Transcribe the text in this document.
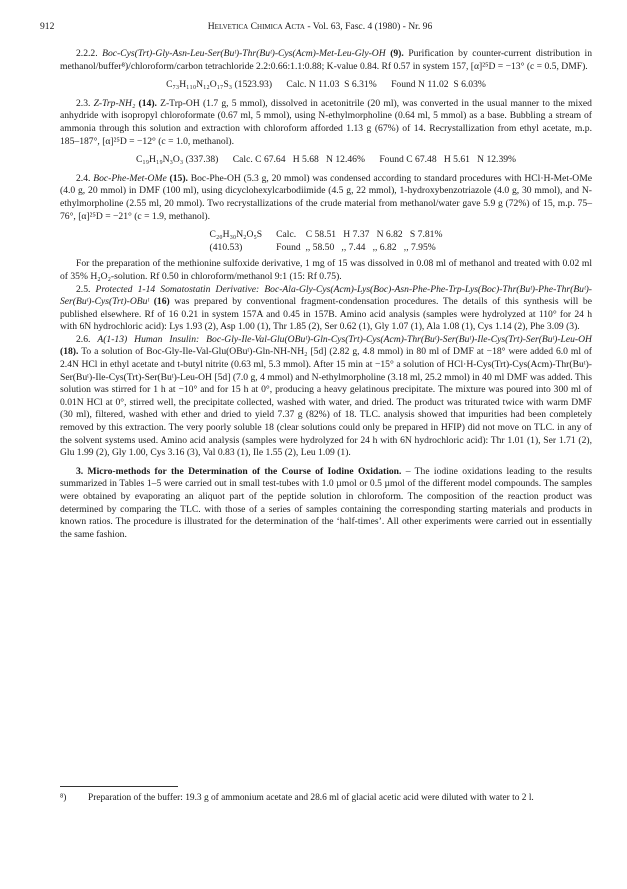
912	Helvetica Chimica Acta - Vol. 63, Fasc. 4 (1980) - Nr. 96

2.2.2. Boc-Cys(Trt)-Gly-Asn-Leu-Ser(Buᵗ)-Thr(Buᵗ)-Cys(Acm)-Met-Leu-Gly-OH (9). Purification by counter-current distribution in methanol/buffer⁸)/chloroform/carbon tetrachloride 2.2:0.66:1.1:0.88; K-value 0.84. Rf 0.57 in system 157, [α]²⁵D = −13° (c = 0.5, DMF).

C₇₃H₁₁₀N₁₂O₁₇S₃ (1523.93)      Calc. N 11.03  S 6.31%      Found N 11.02  S 6.03%

2.3. Z-Trp-NH₂ (14). Z-Trp-OH (1.7 g, 5 mmol), dissolved in acetonitrile (20 ml), was converted in the usual manner to the mixed anhydride with isopropyl chloroformate (0.67 ml, 5 mmol), using N-ethylmorpholine (0.64 ml, 5 mmol) as a base. Bubbling a stream of ammonia through this solution and extraction with chloroform afforded 1.13 g (67%) of 14. Recrystallization from ethyl acetate, m.p. 185–187°, [α]²⁵D = −12° (c = 1.0, methanol).

C₁₉H₁₉N₃O₃ (337.38)      Calc. C 67.64   H 5.68   N 12.46%      Found C 67.48   H 5.61   N 12.39%

2.4. Boc-Phe-Met-OMe (15). Boc-Phe-OH (5.3 g, 20 mmol) was condensed according to standard procedures with HCl·H-Met-OMe (4.0 g, 20 mmol) in DMF (100 ml), using dicyclohexylcarbodiimide (4.5 g, 22 mmol), 1-hydroxybenzotriazole (4.0 g, 30 mmol), and N-ethylmorpholine (2.55 ml, 20 mmol). Two recrystallizations of the crude material from methanol/water gave 5.9 g (72%) of 15, m.p. 75–76°, [α]²⁵D = −21° (c = 1.9, methanol).

C₂₀H₃₀N₂O₅S
(410.53)
Calc.    C 58.51   H 7.37   N 6.82   S 7.81%
Found  ,, 58.50   ,, 7.44   ,, 6.82   ,, 7.95%

For the preparation of the methionine sulfoxide derivative, 1 mg of 15 was dissolved in 0.08 ml of methanol and treated with 0.02 ml of 35% H₂O₂-solution. Rf 0.50 in chloroform/methanol 9:1 (15: Rf 0.75).

2.5. Protected 1-14 Somatostatin Derivative: Boc-Ala-Gly-Cys(Acm)-Lys(Boc)-Asn-Phe-Phe-Trp-Lys(Boc)-Thr(Buᵗ)-Phe-Thr(Buᵗ)-Ser(Buᵗ)-Cys(Trt)-OBuᵗ (16) was prepared by conventional fragment-condensation procedures. The details of this synthesis will be published elsewhere. Rf of 16 0.21 in system 157A and 0.45 in 157B. Amino acid analysis (samples were hydrolyzed at 110° for 24 h with 6N hydrochloric acid): Lys 1.93 (2), Asp 1.00 (1), Thr 1.85 (2), Ser 0.62 (1), Gly 1.07 (1), Ala 1.08 (1), Cys 1.14 (2), Phe 3.09 (3).

2.6. A(1-13) Human Insulin: Boc-Gly-Ile-Val-Glu(OBuᵗ)-Gln-Cys(Trt)-Cys(Acm)-Thr(Buᵗ)-Ser(Buᵗ)-Ile-Cys(Trt)-Ser(Buᵗ)-Leu-OH (18). To a solution of Boc-Gly-Ile-Val-Glu(OBuᵗ)-Gln-NH-NH₂ [5d] (2.82 g, 4.8 mmol) in 80 ml of DMF at −18° were added 6.0 ml of 2.4N HCl in ethyl acetate and t-butyl nitrite (0.63 ml, 5.3 mmol). After 15 min at −15° a solution of HCl·H-Cys(Trt)-Cys(Acm)-Thr(Buᵗ)-Ser(Buᵗ)-Ile-Cys(Trt)-Ser(Buᵗ)-Leu-OH [5d] (7.0 g, 4 mmol) and N-ethylmorpholine (3.18 ml, 25.2 mmol) in 40 ml DMF was added. This solution was stirred for 1 h at −10° and for 15 h at 0°, producing a heavy gelatinous precipitate. The mixture was poured into 300 ml of 0.01N HCl at 0°, stirred well, the precipitate collected, washed with water, and dried. The product was triturated twice with warm DMF (30 ml), filtered, washed with ether and dried to yield 7.37 g (82%) of 18. TLC. analysis showed that impurities had been completely removed by this extraction. The very poorly soluble 18 (clear solutions could only be prepared in HFIP) did not move on TLC. in any of the solvent systems used. Amino acid analysis (samples were hydrolyzed for 24 h with 6N hydrochloric acid): Thr 1.01 (1), Ser 1.71 (2), Glu 1.99 (2), Gly 1.00, Cys 3.16 (3), Val 0.83 (1), Ile 1.55 (2), Leu 1.09 (1).

3. Micro-methods for the Determination of the Course of Iodine Oxidation. – The iodine oxidations leading to the results summarized in Tables 1–5 were carried out in small test-tubes with 1.0 µmol or 0.5 µmol of the different model compounds. The samples were obtained by evaporating an aliquot part of the peptide solution in chloroform. The composition of the reaction product was determined by comparing the TLC. with those of a series of samples containing the corresponding starting materials and products in known ratios. The procedure is illustrated for the determination of the ‘half-times’. All other experiments were carried out in essentially the same fashion.

⁸) Preparation of the buffer: 19.3 g of ammonium acetate and 28.6 ml of glacial acetic acid were diluted with water to 2 l.
